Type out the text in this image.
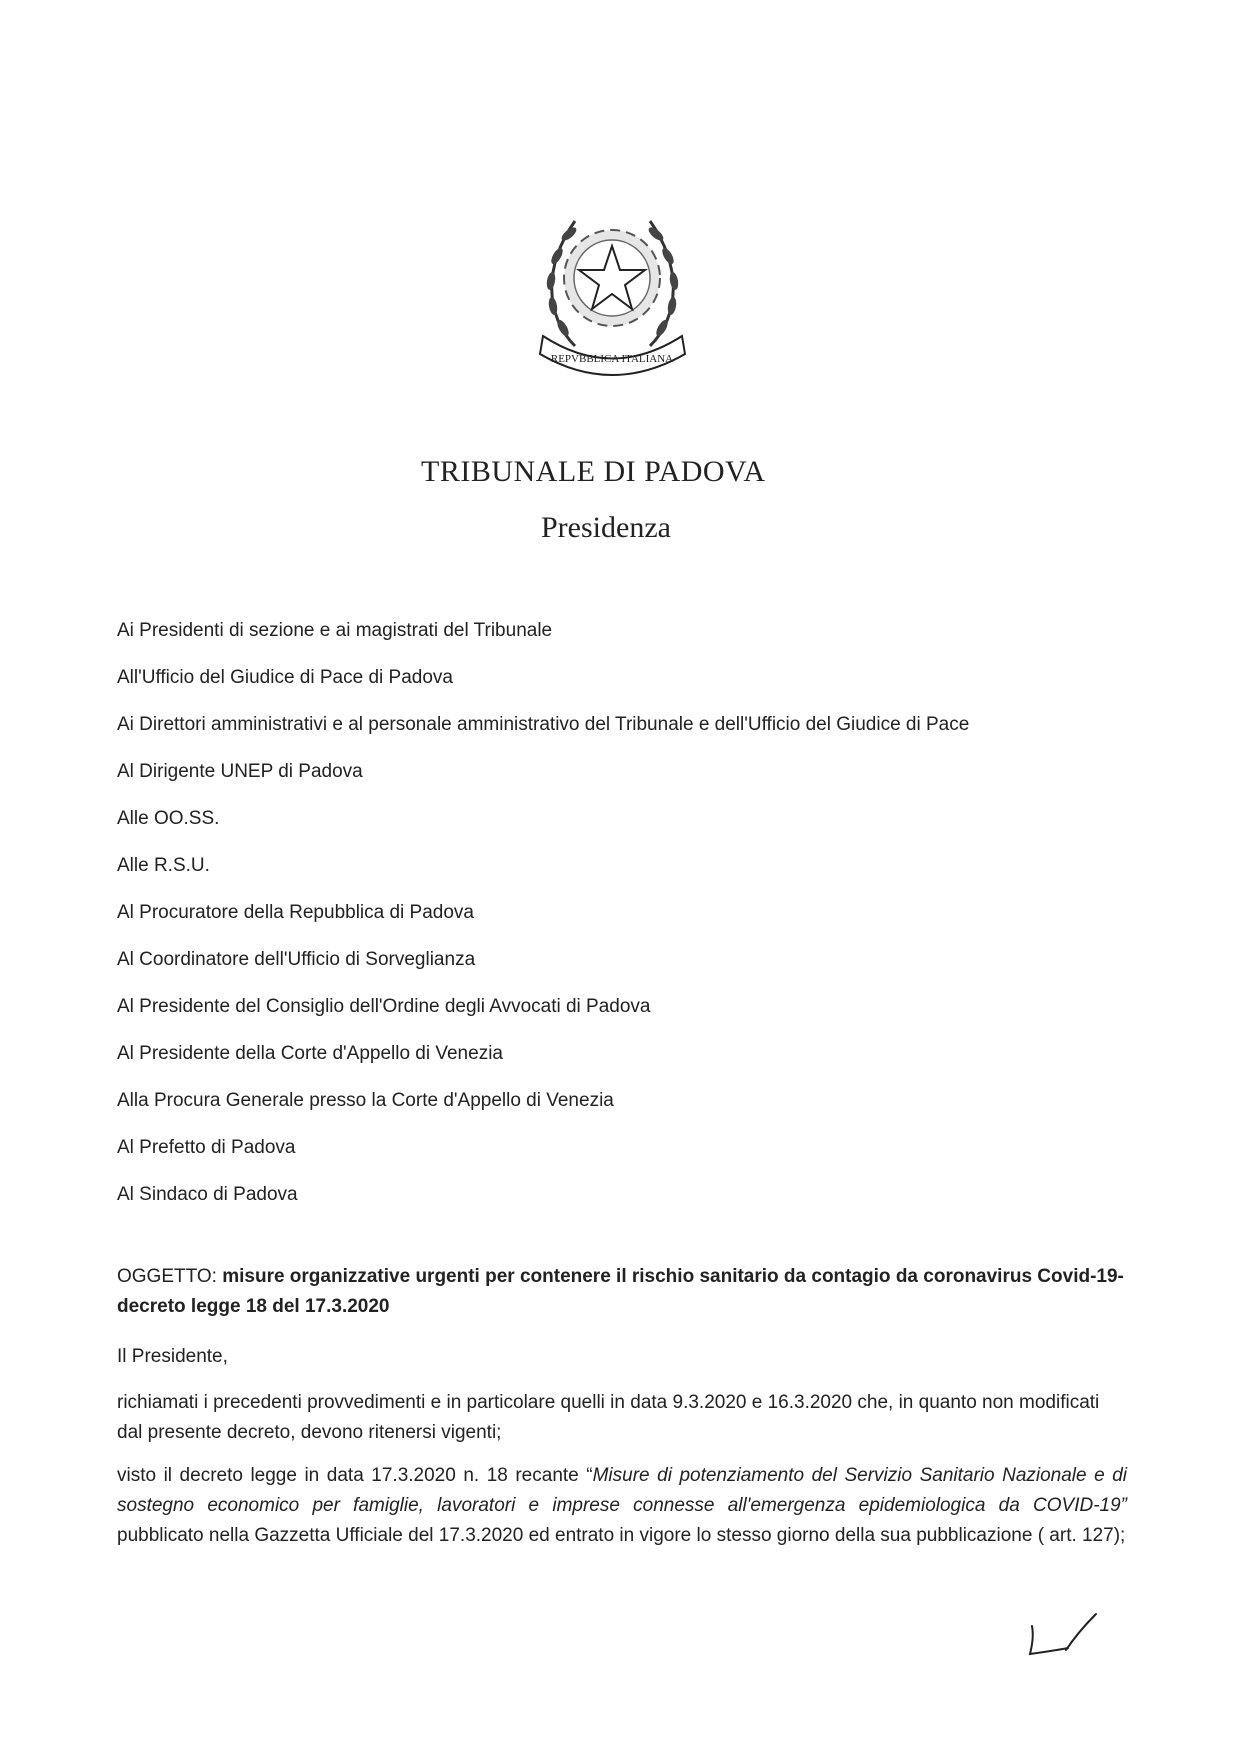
REPVBBLICA ITALIANA
TRIBUNALE DI PADOVA
Presidenza
Ai Presidenti di sezione e ai magistrati del Tribunale
All'Ufficio del Giudice di Pace di Padova
Ai Direttori amministrativi e al personale amministrativo del Tribunale e dell'Ufficio del Giudice di Pace
Al Dirigente UNEP di Padova
Alle OO.SS.
Alle R.S.U.
Al Procuratore della Repubblica di Padova
Al Coordinatore dell'Ufficio di Sorveglianza
Al Presidente del Consiglio dell'Ordine degli Avvocati di Padova
Al Presidente della Corte d'Appello di Venezia
Alla Procura Generale presso la Corte d'Appello di Venezia
Al Prefetto di Padova
Al Sindaco di Padova
OGGETTO: misure organizzative urgenti per contenere il rischio sanitario da contagio da coronavirus Covid-19- decreto legge 18 del 17.3.2020
Il Presidente,
richiamati i precedenti provvedimenti e in particolare quelli in data 9.3.2020 e 16.3.2020 che, in quanto non modificati dal presente decreto, devono ritenersi vigenti;
visto il decreto legge in data 17.3.2020 n. 18 recante “Misure di potenziamento del Servizio Sanitario Nazionale e di sostegno economico per famiglie, lavoratori e imprese connesse all'emergenza epidemiologica da COVID-19” pubblicato nella Gazzetta Ufficiale del 17.3.2020 ed entrato in vigore lo stesso giorno della sua pubblicazione ( art. 127);
